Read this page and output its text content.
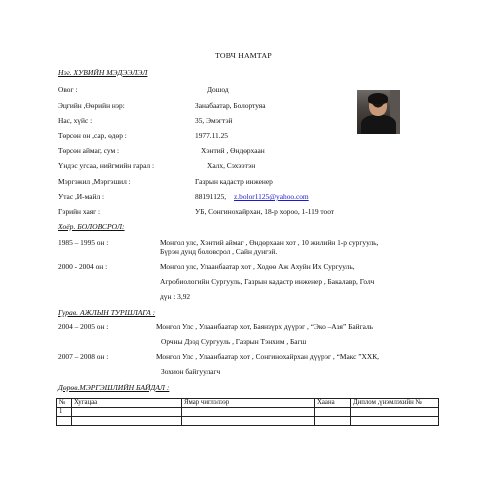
ТОВЧ НАМТАР
Нэг. ХУВИЙН МЭДЭЭЛЭЛ
Овог :	Дошод
Эцгийн ,Өөрийн нэр:	Занабаатар, Болортуяа
Нас, хүйс :	35, Эмэгтэй
Төрсөн он ,сар, өдөр :	1977.11.25
Төрсөн аймаг, сум :	Хэнтий , Өндөрхаан
Үндэс угсаа, нийгмийн гарал :	Халх, Сэхээтэн
Мэргэжил ,Мэргэшил :	Газрын кадастр инженер
Утас ,И-майл :	88191125, z.bolor1125@yahoo.com
Гэрийн хаяг :	УБ, Сонгинохайрхан, 18-р хороо, 1-119 тоот
Хоёр. БОЛОВСРОЛ:
1985 – 1995 он :	Монгол улс, Хэнтий аймаг , Өндөрхаан хот , 10 жилийн 1-р сургууль,
Бүрэн дунд боловсрол , Сайн дунгэй.
2000 - 2004 он :	Монгол улс, Улаанбаатар хот , Ходөө Аж Ахуйн Их Сургууль,
Агробиологийн Сургууль, Газрын кадастр инженер , Бакалавр, Голч
дүн : 3,92
Гурав. АЖЛЫН ТУРШЛАГА :
2004 – 2005 он :	Монгол Улс , Улаанбаатар хот, Баянзүрх дүүрэг , “Эко –Азя” Байгаль
Орчны Дээд Сургууль , Газрын Тэнхим , Багш
2007 – 2008 он :	Монгол Улс , Улаанбаатар хот , Сонгинохайрхан дүүрэг , “Макс ”ХХК,
Зохион байгуулагч
Дөрөв.МЭРГЭШЛИЙН БАЙДАЛ :
№	Хугацаа	Ямар чиглэлээр	Хаана	Диплом ,үнэмлэхийн №
1				
